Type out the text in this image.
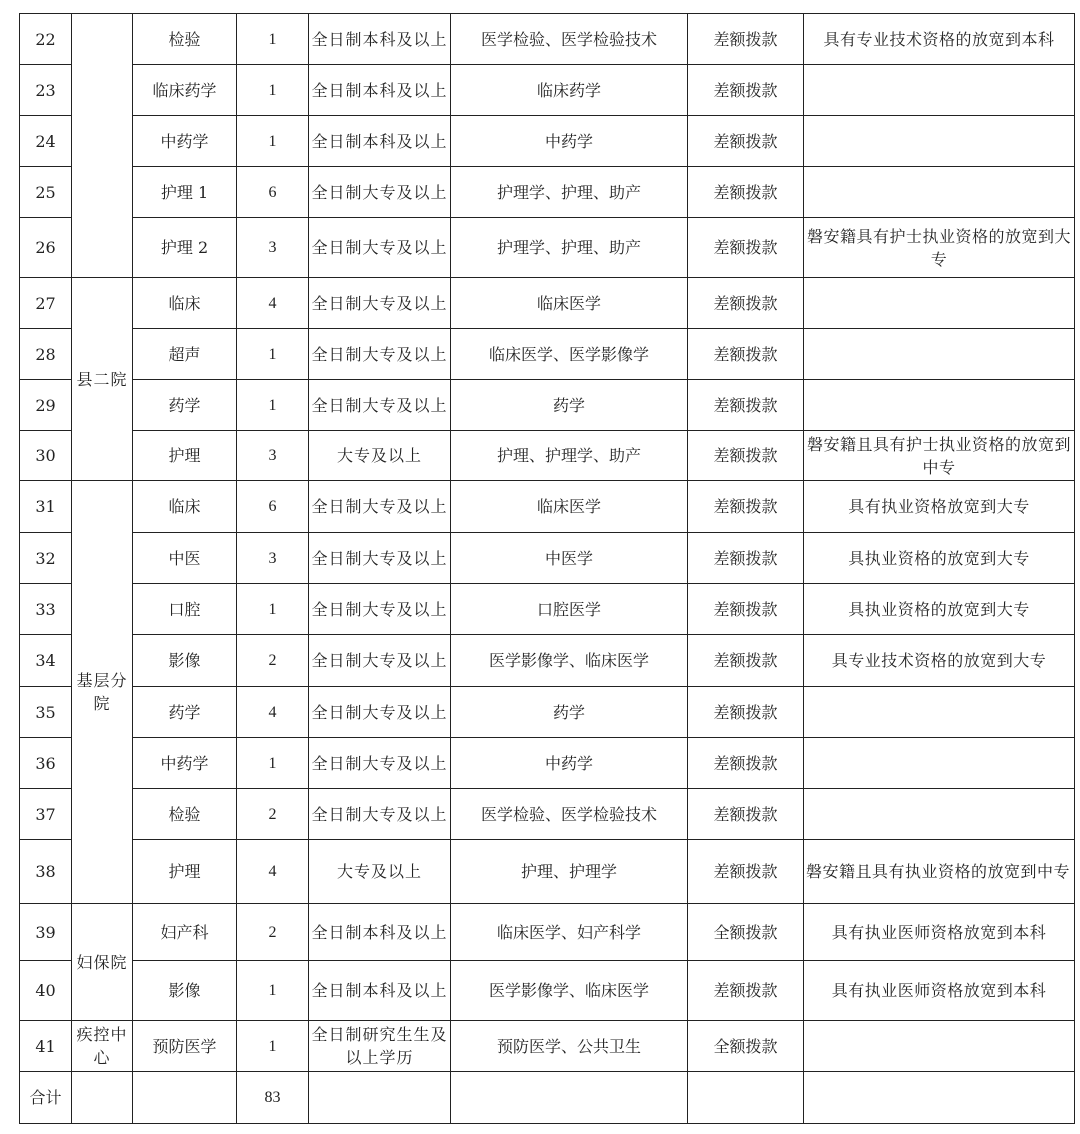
22		检验	1	全日制本科及以上	医学检验、医学检验技术	差额拨款	具有专业技术资格的放宽到本科
23		临床药学	1	全日制本科及以上	临床药学	差额拨款	
24		中药学	1	全日制本科及以上	中药学	差额拨款	
25		护理 1	6	全日制大专及以上	护理学、护理、助产	差额拨款	
26		护理 2	3	全日制大专及以上	护理学、护理、助产	差额拨款	磐安籍具有护士执业资格的放宽到大专
27	县二院	临床	4	全日制大专及以上	临床医学	差额拨款	
28		超声	1	全日制大专及以上	临床医学、医学影像学	差额拨款	
29		药学	1	全日制大专及以上	药学	差额拨款	
30		护理	3	大专及以上	护理、护理学、助产	差额拨款	磐安籍且具有护士执业资格的放宽到中专
31	基层分院	临床	6	全日制大专及以上	临床医学	差额拨款	具有执业资格放宽到大专
32		中医	3	全日制大专及以上	中医学	差额拨款	具执业资格的放宽到大专
33		口腔	1	全日制大专及以上	口腔医学	差额拨款	具执业资格的放宽到大专
34		影像	2	全日制大专及以上	医学影像学、临床医学	差额拨款	具专业技术资格的放宽到大专
35		药学	4	全日制大专及以上	药学	差额拨款	
36		中药学	1	全日制大专及以上	中药学	差额拨款	
37		检验	2	全日制大专及以上	医学检验、医学检验技术	差额拨款	
38		护理	4	大专及以上	护理、护理学	差额拨款	磐安籍且具有执业资格的放宽到中专
39	妇保院	妇产科	2	全日制本科及以上	临床医学、妇产科学	全额拨款	具有执业医师资格放宽到本科
40		影像	1	全日制本科及以上	医学影像学、临床医学	差额拨款	具有执业医师资格放宽到本科
41	疾控中心	预防医学	1	全日制研究生生及以上学历	预防医学、公共卫生	全额拨款	
合计			83				
